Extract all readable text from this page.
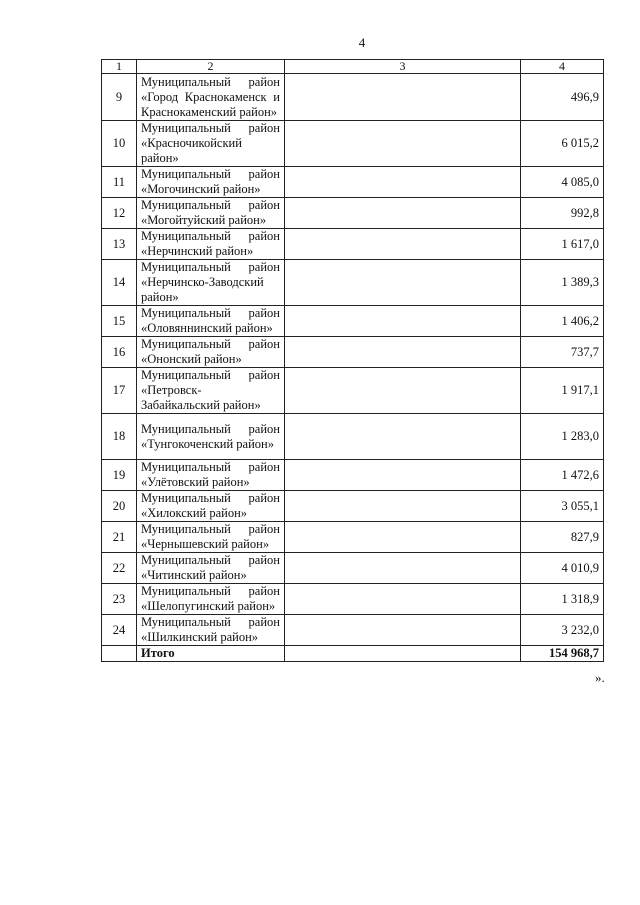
4
1	2	3	4
9	Муниципальный район «Город Краснокаменск и Краснокаменский район»		496,9
10	Муниципальный район «Красночикойский район»		6 015,2
11	Муниципальный район «Могочинский район»		4 085,0
12	Муниципальный район «Могойтуйский район»		992,8
13	Муниципальный район «Нерчинский район»		1 617,0
14	Муниципальный район «Нерчинско-Заводский район»		1 389,3
15	Муниципальный район «Оловяннинский район»		1 406,2
16	Муниципальный район «Ононский район»		737,7
17	Муниципальный район «Петровск-Забайкальский район»		1 917,1
18	Муниципальный район «Тунгокоченский район»		1 283,0
19	Муниципальный район «Улётовский район»		1 472,6
20	Муниципальный район «Хилокский район»		3 055,1
21	Муниципальный район «Чернышевский район»		827,9
22	Муниципальный район «Читинский район»		4 010,9
23	Муниципальный район «Шелопугинский район»		1 318,9
24	Муниципальный район «Шилкинский район»		3 232,0
	Итого		154 968,7
».
